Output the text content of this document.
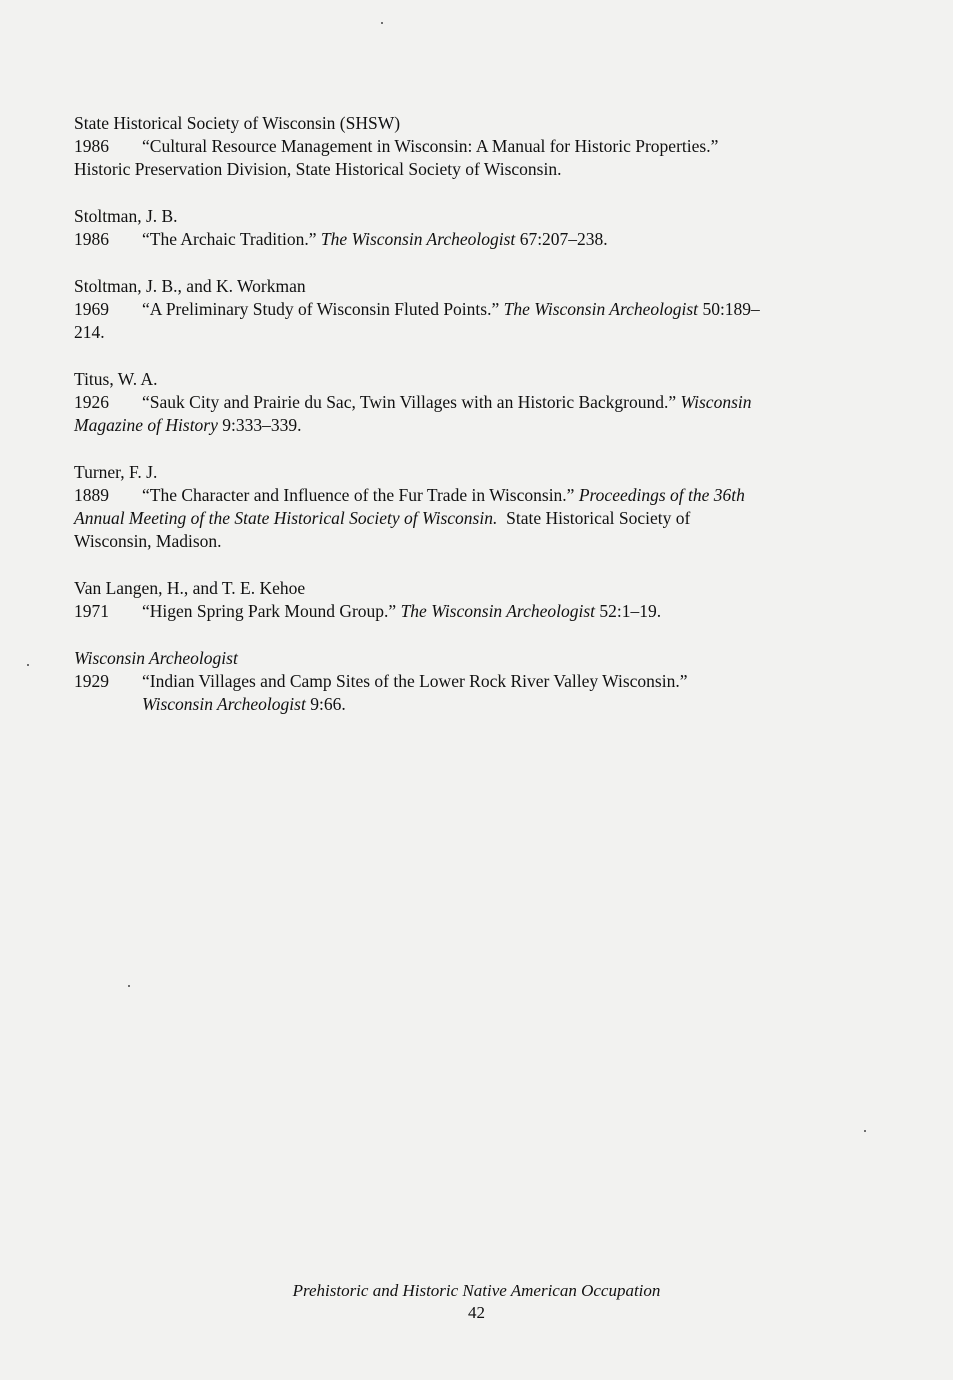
State Historical Society of Wisconsin (SHSW)

1986 “Cultural Resource Management in Wisconsin: A Manual for Historic Properties.”

Historic Preservation Division, State Historical Society of Wisconsin.

Stoltman, J. B.

1986 “The Archaic Tradition.” The Wisconsin Archeologist 67:207–238.

Stoltman, J. B., and K. Workman

1969 “A Preliminary Study of Wisconsin Fluted Points.” The Wisconsin Archeologist 50:189–

214.

Titus, W. A.

1926 “Sauk City and Prairie du Sac, Twin Villages with an Historic Background.” Wisconsin

Magazine of History 9:333–339.

Turner, F. J.

1889 “The Character and Influence of the Fur Trade in Wisconsin.” Proceedings of the 36th

Annual Meeting of the State Historical Society of Wisconsin. State Historical Society of

Wisconsin, Madison.

Van Langen, H., and T. E. Kehoe

1971 “Higen Spring Park Mound Group.” The Wisconsin Archeologist 52:1–19.

Wisconsin Archeologist

1929 “Indian Villages and Camp Sites of the Lower Rock River Valley Wisconsin.”

Wisconsin Archeologist 9:66.

Prehistoric and Historic Native American Occupation
42
